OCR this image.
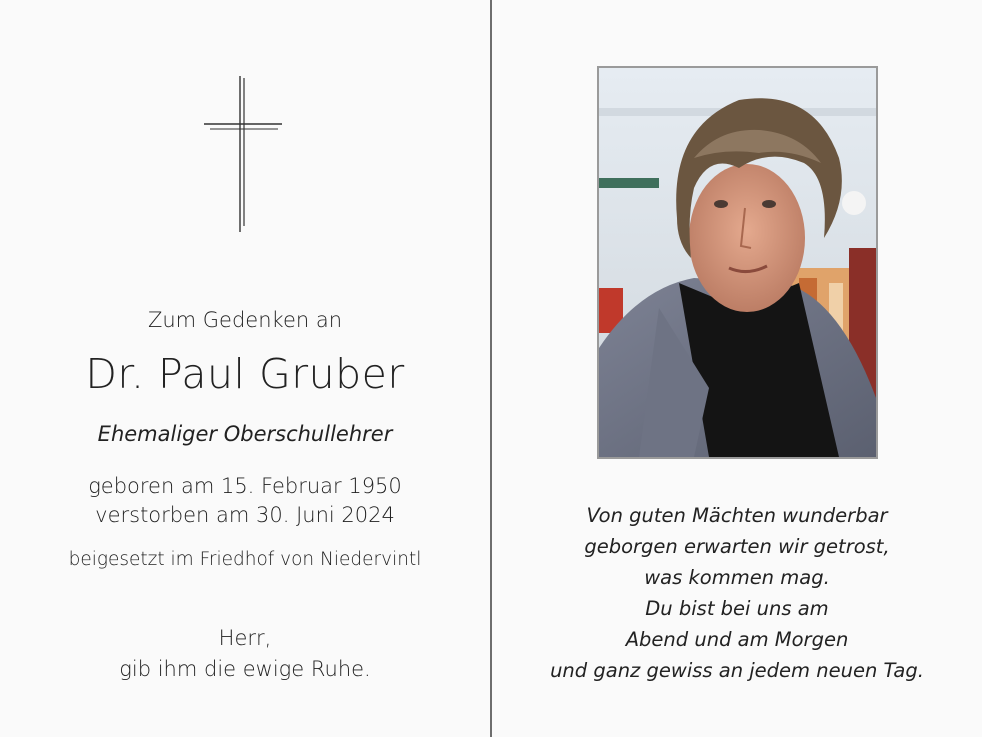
Zum Gedenken an
Dr. Paul Gruber
Ehemaliger Oberschullehrer
geboren am 15. Februar 1950
verstorben am 30. Juni 2024
beigesetzt im Friedhof von Niedervintl
Herr,
gib ihm die ewige Ruhe.
Von guten Mächten wunderbar
geborgen erwarten wir getrost,
was kommen mag.
Du bist bei uns am
Abend und am Morgen
und ganz gewiss an jedem neuen Tag.
